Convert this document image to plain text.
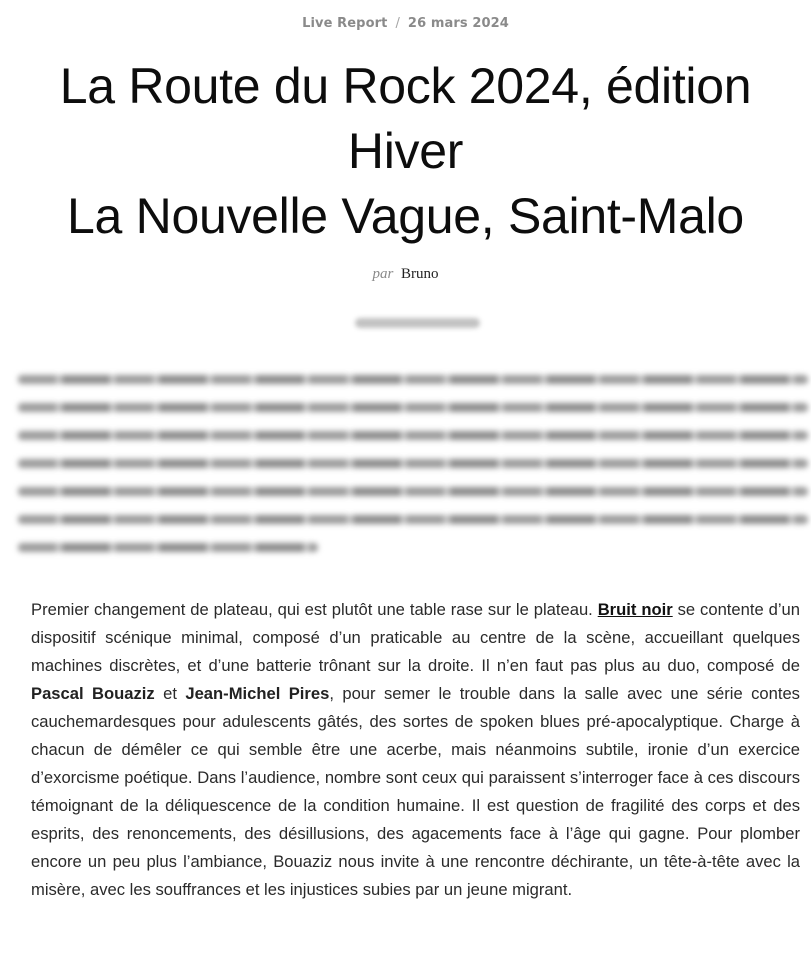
Live Report / 26 mars 2024
La Route du Rock 2024, édition
Hiver
La Nouvelle Vague, Saint-Malo
par Bruno

Premier changement de plateau, qui est plutôt une table rase sur le plateau. Bruit noir se contente d’un dispositif scénique minimal, composé d’un praticable au centre de la scène, accueillant quelques machines discrètes, et d’une batterie trônant sur la droite. Il n’en faut pas plus au duo, composé de Pascal Bouaziz et Jean-Michel Pires, pour semer le trouble dans la salle avec une série contes cauchemardesques pour adulescents gâtés, des sortes de spoken blues pré-apocalyptique. Charge à chacun de démêler ce qui semble être une acerbe, mais néanmoins subtile, ironie d’un exercice d’exorcisme poétique. Dans l’audience, nombre sont ceux qui paraissent s’interroger face à ces discours témoignant de la déliquescence de la condition humaine. Il est question de fragilité des corps et des esprits, des renoncements, des désillusions, des agacements face à l’âge qui gagne. Pour plomber encore un peu plus l’ambiance, Bouaziz nous invite à une rencontre déchirante, un tête-à-tête avec la misère, avec les souffrances et les injustices subies par un jeune migrant.
